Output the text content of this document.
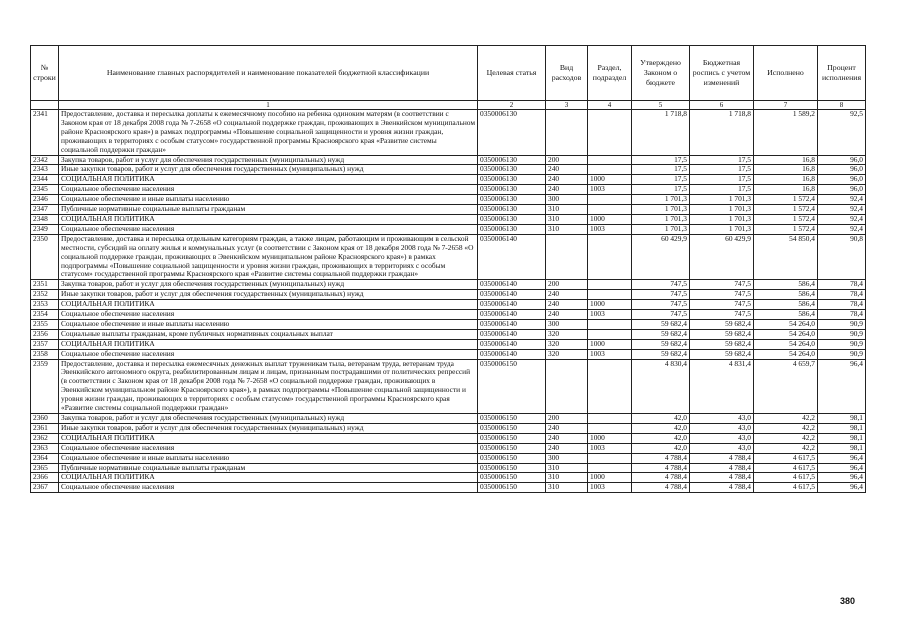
№ строки	Наименование главных распорядителей и наименование показателей бюджетной классификации	Целевая статья	Вид расходов	Раздел, подраздел	Утверждено Законом о бюджете	Бюджетная роспись с учетом изменений	Исполнено	Процент исполнения
	1	2	3	4	5	6	7	8
2341	Предоставление, доставка и пересылка доплаты к ежемесячному пособию на ребенка одиноким матерям (в соответствии с Законом края от 18 декабря 2008 года № 7-2658 «О социальной поддержке граждан, проживающих в Эвенкийском муниципальном районе Красноярского края») в рамках подпрограммы «Повышение социальной защищенности и уровня жизни граждан, проживающих в территориях с особым статусом» государственной программы Красноярского края «Развитие системы социальной поддержки граждан»	0350006130			1 718,8	1 718,8	1 589,2	92,5
2342	Закупка товаров, работ и услуг для обеспечения государственных (муниципальных) нужд	0350006130	200		17,5	17,5	16,8	96,0
2343	Иные закупки товаров, работ и услуг для обеспечения государственных (муниципальных) нужд	0350006130	240		17,5	17,5	16,8	96,0
2344	СОЦИАЛЬНАЯ ПОЛИТИКА	0350006130	240	1000	17,5	17,5	16,8	96,0
2345	Социальное обеспечение населения	0350006130	240	1003	17,5	17,5	16,8	96,0
2346	Социальное обеспечение и иные выплаты населению	0350006130	300		1 701,3	1 701,3	1 572,4	92,4
2347	Публичные нормативные социальные выплаты гражданам	0350006130	310		1 701,3	1 701,3	1 572,4	92,4
2348	СОЦИАЛЬНАЯ ПОЛИТИКА	0350006130	310	1000	1 701,3	1 701,3	1 572,4	92,4
2349	Социальное обеспечение населения	0350006130	310	1003	1 701,3	1 701,3	1 572,4	92,4
2350	Предоставление, доставка и пересылка отдельным категориям граждан, а также лицам, работающим и проживающим в сельской местности, субсидий на оплату жилья и коммунальных услуг (в соответствии с Законом края от 18 декабря 2008 года № 7-2658 «О социальной поддержке граждан, проживающих в Эвенкийском муниципальном районе Красноярского края») в рамках подпрограммы «Повышение социальной защищенности и уровня жизни граждан, проживающих в территориях с особым статусом» государственной программы Красноярского края «Развитие системы социальной поддержки граждан»	0350006140			60 429,9	60 429,9	54 850,4	90,8
2351	Закупка товаров, работ и услуг для обеспечения государственных (муниципальных) нужд	0350006140	200		747,5	747,5	586,4	78,4
2352	Иные закупки товаров, работ и услуг для обеспечения государственных (муниципальных) нужд	0350006140	240		747,5	747,5	586,4	78,4
2353	СОЦИАЛЬНАЯ ПОЛИТИКА	0350006140	240	1000	747,5	747,5	586,4	78,4
2354	Социальное обеспечение населения	0350006140	240	1003	747,5	747,5	586,4	78,4
2355	Социальное обеспечение и иные выплаты населению	0350006140	300		59 682,4	59 682,4	54 264,0	90,9
2356	Социальные выплаты гражданам, кроме публичных нормативных социальных выплат	0350006140	320		59 682,4	59 682,4	54 264,0	90,9
2357	СОЦИАЛЬНАЯ ПОЛИТИКА	0350006140	320	1000	59 682,4	59 682,4	54 264,0	90,9
2358	Социальное обеспечение населения	0350006140	320	1003	59 682,4	59 682,4	54 264,0	90,9
2359	Предоставление, доставка и пересылка ежемесячных денежных выплат труженикам тыла, ветеранам труда, ветеранам труда Эвенкийского автономного округа, реабилитированным лицам и лицам, признанным пострадавшими от политических репрессий (в соответствии с Законом края от 18 декабря 2008 года № 7-2658 «О социальной поддержке граждан, проживающих в Эвенкийском муниципальном районе Красноярского края»), в рамках подпрограммы «Повышение социальной защищенности и уровня жизни граждан, проживающих в территориях с особым статусом» государственной программы Красноярского края «Развитие системы социальной поддержки граждан»	0350006150			4 830,4	4 831,4	4 659,7	96,4
2360	Закупка товаров, работ и услуг для обеспечения государственных (муниципальных) нужд	0350006150	200		42,0	43,0	42,2	98,1
2361	Иные закупки товаров, работ и услуг для обеспечения государственных (муниципальных) нужд	0350006150	240		42,0	43,0	42,2	98,1
2362	СОЦИАЛЬНАЯ ПОЛИТИКА	0350006150	240	1000	42,0	43,0	42,2	98,1
2363	Социальное обеспечение населения	0350006150	240	1003	42,0	43,0	42,2	98,1
2364	Социальное обеспечение и иные выплаты населению	0350006150	300		4 788,4	4 788,4	4 617,5	96,4
2365	Публичные нормативные социальные выплаты гражданам	0350006150	310		4 788,4	4 788,4	4 617,5	96,4
2366	СОЦИАЛЬНАЯ ПОЛИТИКА	0350006150	310	1000	4 788,4	4 788,4	4 617,5	96,4
2367	Социальное обеспечение населения	0350006150	310	1003	4 788,4	4 788,4	4 617,5	96,4
380
